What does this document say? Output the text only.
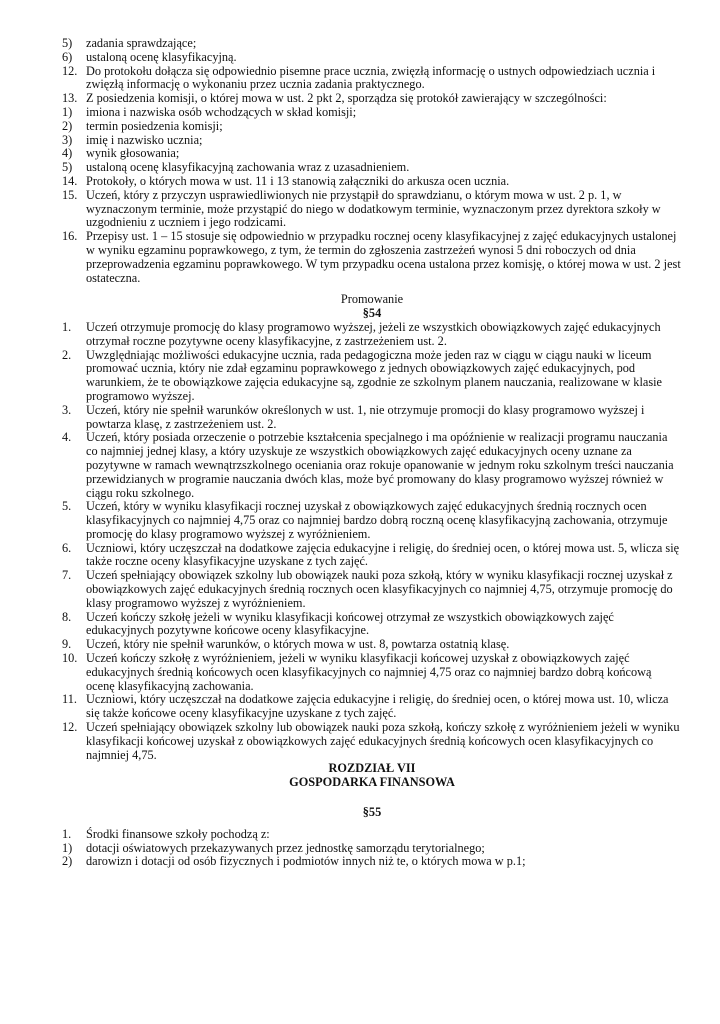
5)	zadania sprawdzające;
6)	ustaloną ocenę klasyfikacyjną.
12. Do protokołu dołącza się odpowiednio pisemne prace ucznia, zwięzłą informację o ustnych odpowiedziach ucznia i zwięzłą informację o wykonaniu przez ucznia zadania praktycznego.
13. Z posiedzenia komisji, o której mowa w ust. 2 pkt 2, sporządza się protokół zawierający w szczególności:
1)	imiona i nazwiska osób wchodzących w skład komisji;
2)	termin posiedzenia komisji;
3)	imię i nazwisko ucznia;
4)	wynik głosowania;
5)	ustaloną ocenę klasyfikacyjną zachowania wraz z uzasadnieniem.
14. Protokoły, o których mowa w ust. 11 i 13 stanowią załączniki do arkusza ocen ucznia.
15. Uczeń, który z przyczyn usprawiedliwionych nie przystąpił do sprawdzianu, o którym mowa w ust. 2 p. 1, w wyznaczonym terminie, może przystąpić do niego w dodatkowym terminie, wyznaczonym przez dyrektora szkoły w uzgodnieniu z uczniem i jego rodzicami.
16. Przepisy ust. 1 – 15 stosuje się odpowiednio w przypadku rocznej oceny klasyfikacyjnej z zajęć edukacyjnych ustalonej w wyniku egzaminu poprawkowego, z tym, że termin do zgłoszenia zastrzeżeń wynosi 5 dni roboczych od dnia przeprowadzenia egzaminu poprawkowego. W tym przypadku ocena ustalona przez komisję, o której mowa w ust. 2 jest ostateczna.
Promowanie
§54
1.	Uczeń otrzymuje promocję do klasy programowo wyższej, jeżeli ze wszystkich obowiązkowych zajęć edukacyjnych otrzymał roczne pozytywne oceny klasyfikacyjne, z zastrzeżeniem ust. 2.
2.	Uwzględniając możliwości edukacyjne ucznia, rada pedagogiczna może jeden raz w ciągu w ciągu nauki w liceum promować ucznia, który nie zdał egzaminu poprawkowego z jednych obowiązkowych zajęć edukacyjnych, pod warunkiem, że te obowiązkowe zajęcia edukacyjne są, zgodnie ze szkolnym planem nauczania, realizowane w klasie programowo wyższej.
3.	Uczeń, który nie spełnił warunków określonych w ust. 1, nie otrzymuje promocji do klasy programowo wyższej i powtarza klasę, z zastrzeżeniem ust. 2.
4.	Uczeń, który posiada orzeczenie o potrzebie kształcenia specjalnego i ma opóźnienie w realizacji programu nauczania co najmniej jednej klasy, a który uzyskuje ze wszystkich obowiązkowych zajęć edukacyjnych oceny uznane za pozytywne w ramach wewnątrzszkolnego oceniania oraz rokuje opanowanie w jednym roku szkolnym treści nauczania przewidzianych w programie nauczania dwóch klas, może być promowany do klasy programowo wyższej również w ciągu roku szkolnego.
5.	Uczeń, który w wyniku klasyfikacji rocznej uzyskał z obowiązkowych zajęć edukacyjnych średnią rocznych ocen klasyfikacyjnych co najmniej 4,75 oraz co najmniej bardzo dobrą roczną ocenę klasyfikacyjną zachowania, otrzymuje promocję do klasy programowo wyższej z wyróżnieniem.
6.	Uczniowi, który uczęszczał na dodatkowe zajęcia edukacyjne i religię, do średniej ocen, o której mowa ust. 5, wlicza się także roczne oceny klasyfikacyjne uzyskane z tych zajęć.
7.	Uczeń spełniający obowiązek szkolny lub obowiązek nauki poza szkołą, który w wyniku klasyfikacji rocznej uzyskał z obowiązkowych zajęć edukacyjnych średnią rocznych ocen klasyfikacyjnych co najmniej 4,75, otrzymuje promocję do klasy programowo wyższej z wyróżnieniem.
8.	Uczeń kończy szkołę jeżeli w wyniku klasyfikacji końcowej otrzymał ze wszystkich obowiązkowych zajęć edukacyjnych pozytywne końcowe oceny klasyfikacyjne.
9.	Uczeń, który nie spełnił warunków, o których mowa w ust. 8, powtarza ostatnią klasę.
10. Uczeń kończy szkołę z wyróżnieniem, jeżeli w wyniku klasyfikacji końcowej uzyskał z obowiązkowych zajęć edukacyjnych średnią końcowych ocen klasyfikacyjnych co najmniej 4,75 oraz co najmniej bardzo dobrą końcową ocenę klasyfikacyjną zachowania.
11. Uczniowi, który uczęszczał na dodatkowe zajęcia edukacyjne i religię, do średniej ocen, o której mowa ust. 10, wlicza się także końcowe oceny klasyfikacyjne uzyskane z tych zajęć.
12. Uczeń spełniający obowiązek szkolny lub obowiązek nauki poza szkołą, kończy szkołę z wyróżnieniem jeżeli w wyniku klasyfikacji końcowej uzyskał z obowiązkowych zajęć edukacyjnych średnią końcowych ocen klasyfikacyjnych co najmniej 4,75.
ROZDZIAŁ VII
GOSPODARKA FINANSOWA
§55
1.	Środki finansowe szkoły pochodzą z:
1)	dotacji oświatowych przekazywanych przez jednostkę samorządu terytorialnego;
2)	darowizn i dotacji od osób fizycznych i podmiotów innych niż te, o których mowa w p.1;
